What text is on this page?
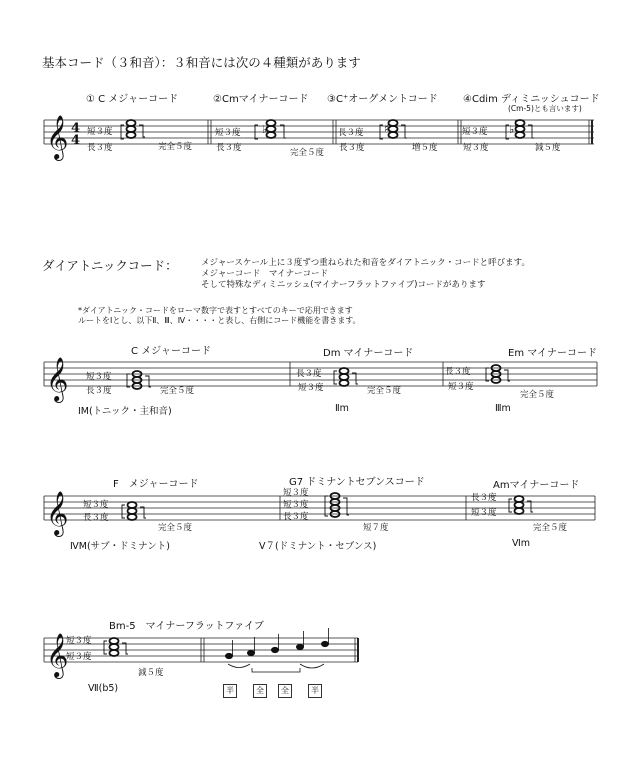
基本コード（３和音）：３和音には次の４種類があります
① C メジャーコード	②Cmマイナーコード ③C⁺オーグメントコード	④Cdim ディミニッシュコード
(Cm-5)とも言います)
短３度
長３度	完全５度
短３度
長３度	完全５度
長３度
長３度	増５度
短３度
短３度	減５度
ダイアトニックコード：	メジャースケール上に３度ずつ重ねられた和音をダイアトニック・コードと呼びます。
メジャーコード　マイナーコード
そして特殊なディミニッシュ(マイナーフラットファイブ)コードがあります
*ダイアトニック・コードをローマ数字で表すとすべてのキーで応用できます
ルートをⅠとし、以下Ⅱ、Ⅲ、Ⅳ・・・・と表し、右側にコード機能を書きます。
C メジャーコード	Dm マイナーコード	Em マイナーコード
短３度
長３度	完全５度
長３度
短３度	完全５度
長３度
短３度
完全５度
ⅠM(トニック・主和音)	Ⅱm	Ⅲm
F　メジャーコード	G7 ドミナントセブンスコード	Amマイナーコード
短３度
長３度
完全５度
短３度
短３度
長３度
短７度
長３度
短３度
完全５度
ⅣM(サブ・ドミナント)	Ⅴ７(ドミナント・セブンス)	Ⅵm
Bm-5　マイナーフラットファイブ
短３度
短３度
減５度
Ⅶ(b5)	半	全	全	半
𝄞
𝄞
𝄞
𝄞
4
4
♭	♯	♭ ♭
